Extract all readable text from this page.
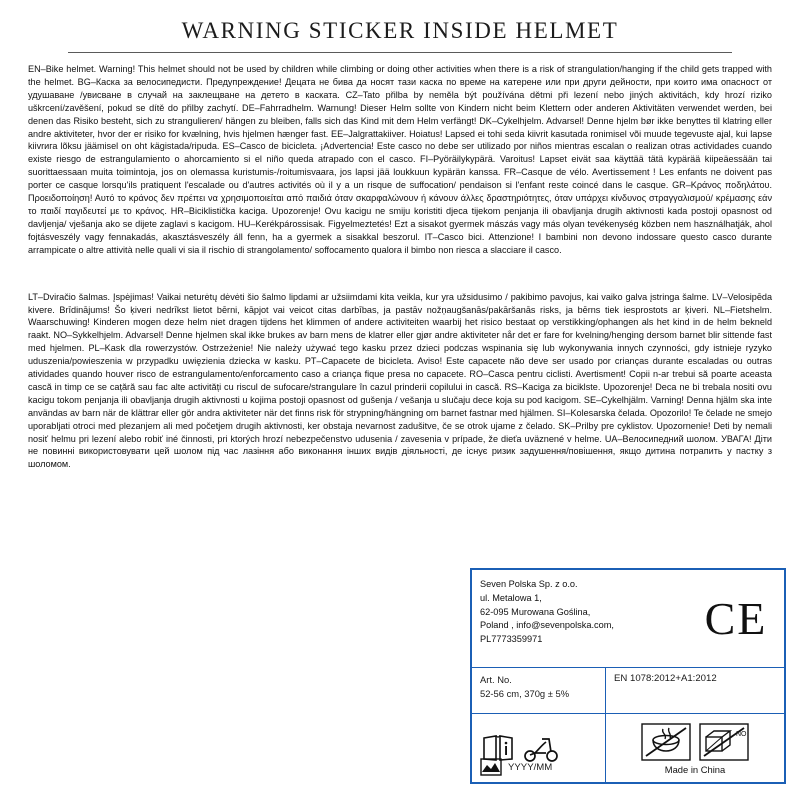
WARNING STICKER INSIDE HELMET

EN–Bike helmet. Warning! This helmet should not be used by children while climbing or doing other activities when there is a risk of strangulation/hanging if the child gets trapped with the helmet. BG–Каска за велосипедисти. Предупреждение! Децата не бива да носят тази каска по време на катерене или при други дейности, при които има опасност от удушаване /увисване в случай на заклещване на детето в каската. CZ–Tato přilba by neměla být používána dětmi při lezení nebo jiných aktivitách, kdy hrozí riziko uškrcení/zavěšení, pokud se dítě do přilby zachytí. DE–Fahrradhelm. Warnung! Dieser Helm sollte von Kindern nicht beim Klettern oder anderen Aktivitäten verwendet werden, bei denen das Risiko besteht, sich zu strangulieren/ hängen zu bleiben, falls sich das Kind mit dem Helm verfängt! DK–Cykelhjelm. Advarsel! Denne hjelm bør ikke benyttes til klatring eller andre aktiviteter, hvor der er risiko for kvælning, hvis hjelmen hænger fast. EE–Jalgrattakiiver. Hoiatus! Lapsed ei tohi seda kiivrit kasutada ronimisel või muude tegevuste ajal, kui lapse kiivrига lõksu jäämisel on oht kägistada/ripuda. ES–Casco de bicicleta. ¡Advertencia! Este casco no debe ser utilizado por niños mientras escalan o realizan otras actividades cuando existe riesgo de estrangulamiento o ahorcamiento si el niño queda atrapado con el casco. FI–Pyöräilykypärä. Varoitus! Lapset eivät saa käyttää tätä kypärää kiipeäessään tai suorittaessaan muita toimintoja, jos on olemassa kuristumis-/roitumisvaara, jos lapsi jää loukkuun kypärän kanssa. FR–Casque de vélo. Avertissement ! Les enfants ne doivent pas porter ce casque lorsqu'ils pratiquent l'escalade ou d'autres activités où il y a un risque de suffocation/ pendaison si l'enfant reste coincé dans le casque. GR–Κράνος ποδηλάτου. Προειδοποίηση! Αυτό το κράνος δεν πρέπει να χρησιμοποιείται από παιδιά όταν σκαρφαλώνουν ή κάνουν άλλες δραστηριότητες, όταν υπάρχει κίνδυνος στραγγαλισμού/ κρέμασης εάν το παιδί παγιδευτεί με το κράνος. HR–Biciklistička kaciga. Upozorenje! Ovu kacigu ne smiju koristiti djeca tijekom penjanja ili obavljanja drugih aktivnosti kada postoji opasnost od davljenja/ vješanja ako se dijete zaglavi s kacigom. HU–Kerékpárossisak. Figyelmeztetés! Ezt a sisakot gyermek mászás vagy más olyan tevékenység közben nem használhatják, ahol fojtásveszély vagy fennakadás, akasztásveszély áll fenn, ha a gyermek a sisakkal beszorul. IT–Casco bici. Attenzione! I bambini non devono indossare questo casco durante arrampicate o altre attività nelle quali vi sia il rischio di strangolamento/ soffocamento qualora il bimbo non riesca a slacciare il casco.

LT–Dviračio šalmas. Įspėjimas! Vaikai neturėtų dėvėti šio šalmo lipdami ar užsiimdami kita veikla, kur yra užsidusimo / pakibimo pavojus, kai vaiko galva įstringa šalme. LV–Velosipēda kivere. Brīdinājums! Šo ķiveri nedrīkst lietot bērni, kāpjot vai veicot citas darbības, ja pastāv nožņaugšanās/pakāršanās risks, ja bērns tiek iesprostots ar ķiveri. NL–Fietshelm. Waarschuwing! Kinderen mogen deze helm niet dragen tijdens het klimmen of andere activiteiten waarbij het risico bestaat op verstikking/ophangen als het kind in de helm bekneld raakt. NO–Sykkelhjelm. Advarsel! Denne hjelmen skal ikke brukes av barn mens de klatrer eller gjør andre aktiviteter når det er fare for kvelning/henging dersom barnet blir sittende fast med hjelmen. PL–Kask dla rowerzystów. Ostrzeżenie! Nie należy używać tego kasku przez dzieci podczas wspinania się lub wykonywania innych czynności, gdy istnieje ryzyko uduszenia/powieszenia w przypadku uwięzienia dziecka w kasku. PT–Capacete de bicicleta. Aviso! Este capacete não deve ser usado por crianças durante escaladas ou outras atividades quando houver risco de estrangulamento/enforcamento caso a criança fique presa no capacete. RO–Casca pentru ciclisti. Avertisment! Copii n-ar trebui să poarte aceasta cască in timp ce se cațără sau fac alte activități cu riscul de sufocare/strangulare în cazul prinderii copilului in cască. RS–Kaciga za biciklste. Upozorenje! Deca ne bi trebala nositi ovu kacigu tokom penjanja ili obavljanja drugih aktivnosti u kojima postoji opasnost od gušenja / vešanja u slučaju dece koja su pod kacigom. SE–Cykelhjälm. Varning! Denna hjälm ska inte användas av barn när de klättrar eller gör andra aktiviteter när det finns risk för strypning/hängning om barnet fastnar med hjälmen. SI–Kolesarska čelada. Opozorilo! Te čelade ne smejo uporabljati otroci med plezanjem ali med početjem drugih aktivnosti, ker obstaja nevarnost zadušitve, če se otrok ujame z čelado. SK–Prilby pre cyklistov. Upozornenie! Deti by nemali nosiť helmu pri lezení alebo robiť iné činnosti, pri ktorých hrozí nebezpečenstvo udusenia / zavesenia v prípade, že dieťa uväznené v helme. UA–Велосипедний шолом. УВАГА! Діти не повинні використовувати цей шолом під час лазіння або виконання інших видів діяльності, де існує ризик задушення/повішення, якщо дитина потрапить у пастку з шоломом.

Seven Polska Sp. z o.o.
ul. Metalowa 1,
62-095 Murowana Goślina,
Poland , info@sevenpolska.com,
PL7773359971	CE
Art. No.
52-56 cm, 370g ± 5%
EN 1078:2012+A1:2012
NO
Made in China
YYYY/MM
